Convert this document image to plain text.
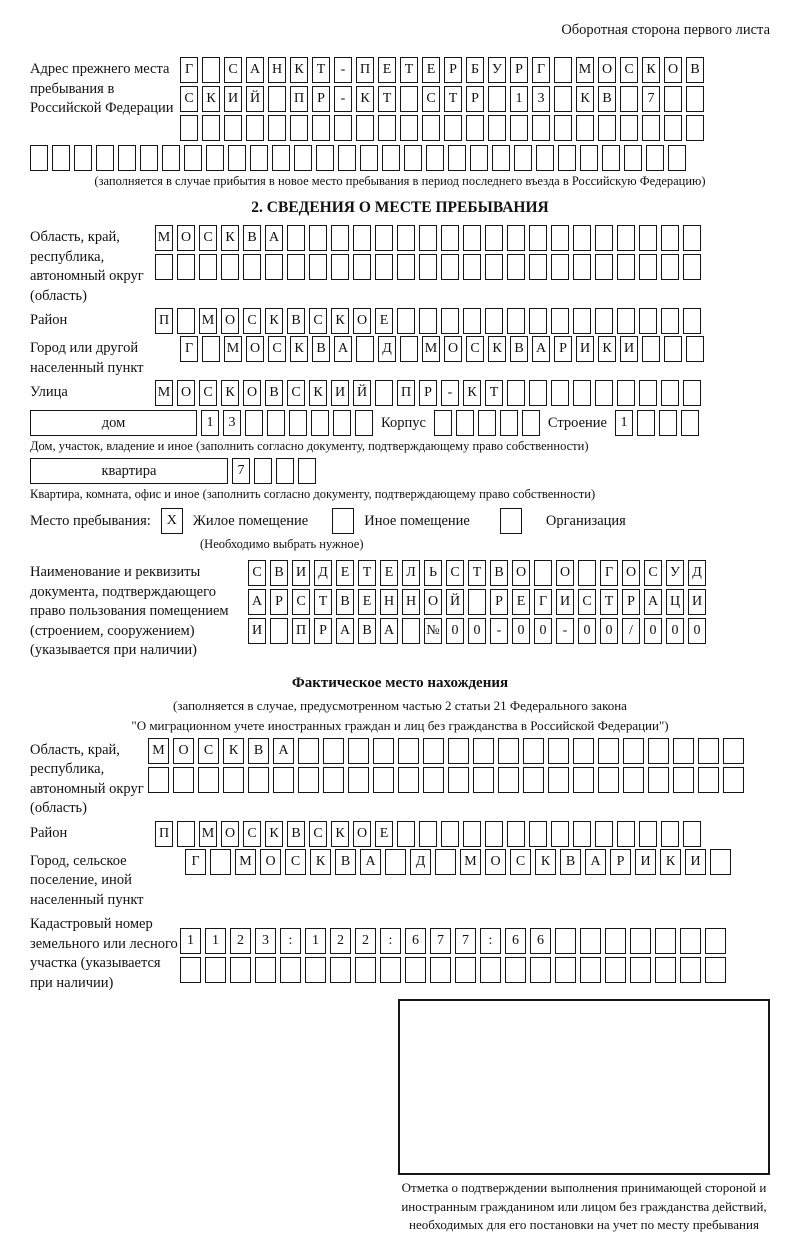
Оборотная сторона первого листа
Адрес прежнего места пребывания в Российской Федерации
Г	С А Н К Т	-	П Е Т Е Р	Б У Р	Г	М О С К О В
С К И Й П Р	-	К Т	С Т Р	1	3	К В	7
(заполняется в случае прибытия в новое место пребывания в период последнего въезда в Российскую Федерацию)
2. СВЕДЕНИЯ О МЕСТЕ ПРЕБЫВАНИЯ
Область, край, республика, автономный округ (область)
М О С К В А
Район	П М О С К В С К О Е
Город или другой населенный пункт
Г	М О С К В А	Д	М О С К В А Р И К И
Улица	М О С К О В С К И Й П Р	-	К Т
дом	1	3	Корпус	Строение 1
Дом, участок, владение и иное (заполнить согласно документу, подтверждающему право собственности)
квартира	7
Квартира, комната, офис и иное (заполнить согласно документу, подтверждающему право собственности)
Место пребывания:	X	Жилое помещение	Иное помещение	Организация
(Необходимо выбрать нужное)
Наименование и реквизиты документа, подтверждающего право пользования помещением (строением, сооружением) (указывается при наличии)
С В И Д Е Т Е Л Ь С Т В О О	Г О С У Д
А Р С Т В Е Н Н О Й	Р Е Г И С Т Р А Ц И
И П Р А В А № 0	0	-	0	0	-	0	0	/	0	0	0
Фактическое место нахождения
(заполняется в случае, предусмотренном частью 2 статьи 21 Федерального закона
"О миграционном учете иностранных граждан и лиц без гражданства в Российской Федерации")
Область, край, республика, автономный округ (область)
М О	С	К	В	А
Район	П М О С К В С К О Е
Город, сельское поселение, иной населенный пункт
Г	М О	С	К	В	А	Д	М О	С	К	В	А	Р	И	К	И
Кадастровый номер земельного или лесного участка (указывается при наличии)
1	1	2	3	:	1	2	2	:	6	7	7	:	6	6
Отметка о подтверждении выполнения принимающей стороной и иностранным гражданином или лицом без гражданства действий, необходимых для его постановки на учет по месту пребывания
